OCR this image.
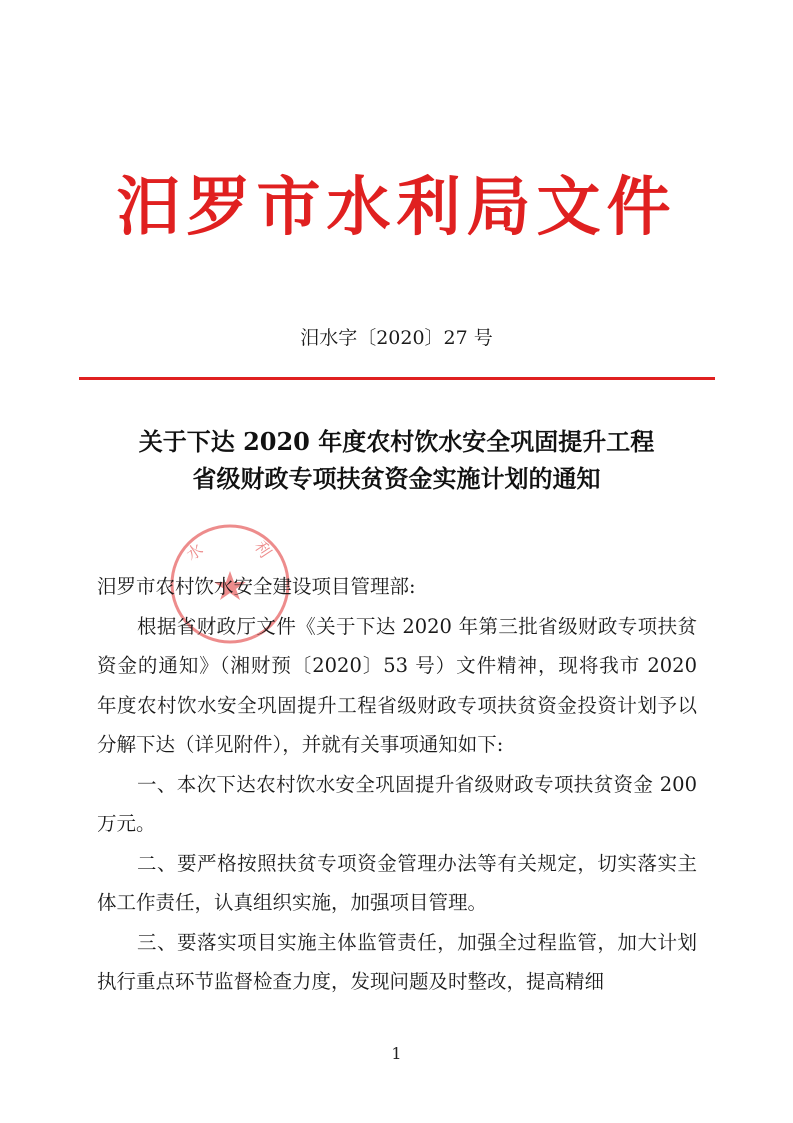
汨罗市水利局文件
汨水字〔2020〕27 号
关于下达 2020 年度农村饮水安全巩固提升工程
省级财政专项扶贫资金实施计划的通知
水 利

汨罗市农村饮水安全建设项目管理部:

根据省财政厅文件《关于下达 2020 年第三批省级财政专项扶贫资金的通知》（湘财预〔2020〕53 号）文件精神，现将我市 2020 年度农村饮水安全巩固提升工程省级财政专项扶贫资金投资计划予以分解下达（详见附件），并就有关事项通知如下:

一、本次下达农村饮水安全巩固提升省级财政专项扶贫资金 200 万元。

二、要严格按照扶贫专项资金管理办法等有关规定，切实落实主体工作责任，认真组织实施，加强项目管理。

三、要落实项目实施主体监管责任，加强全过程监管，加大计划执行重点环节监督检查力度，发现问题及时整改，提高精细

1
